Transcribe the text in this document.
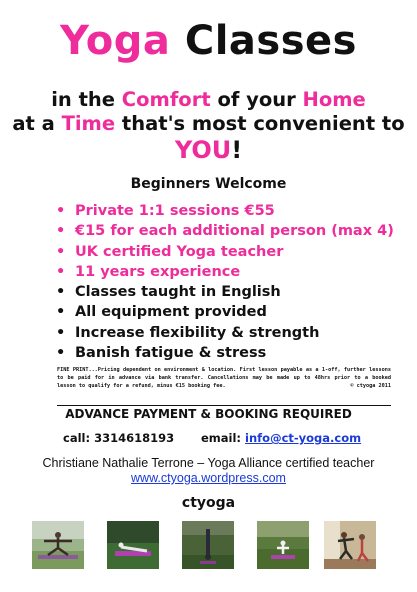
Yoga Classes
in the Comfort of your Home
at a Time that's most convenient to
YOU!
Beginners Welcome
• Private 1:1 sessions €55
• €15 for each additional person (max 4)
• UK certified Yoga teacher
• 11 years experience
• Classes taught in English
• All equipment provided
• Increase flexibility & strength
• Banish fatigue & stress
FINE PRINT...Pricing dependent on environment & location. First lesson payable as a 1-off, further lessons to be paid for in advance via bank transfer. Cancellations may be made up to 48hrs prior to a booked lesson to qualify for a refund, minus €15 booking fee.	© ctyoga 2011
ADVANCE PAYMENT & BOOKING REQUIRED
call: 3314618193 email: info@ct-yoga.com
Christiane Nathalie Terrone – Yoga Alliance certified teacher
www.ctyoga.wordpress.com
ctyoga
